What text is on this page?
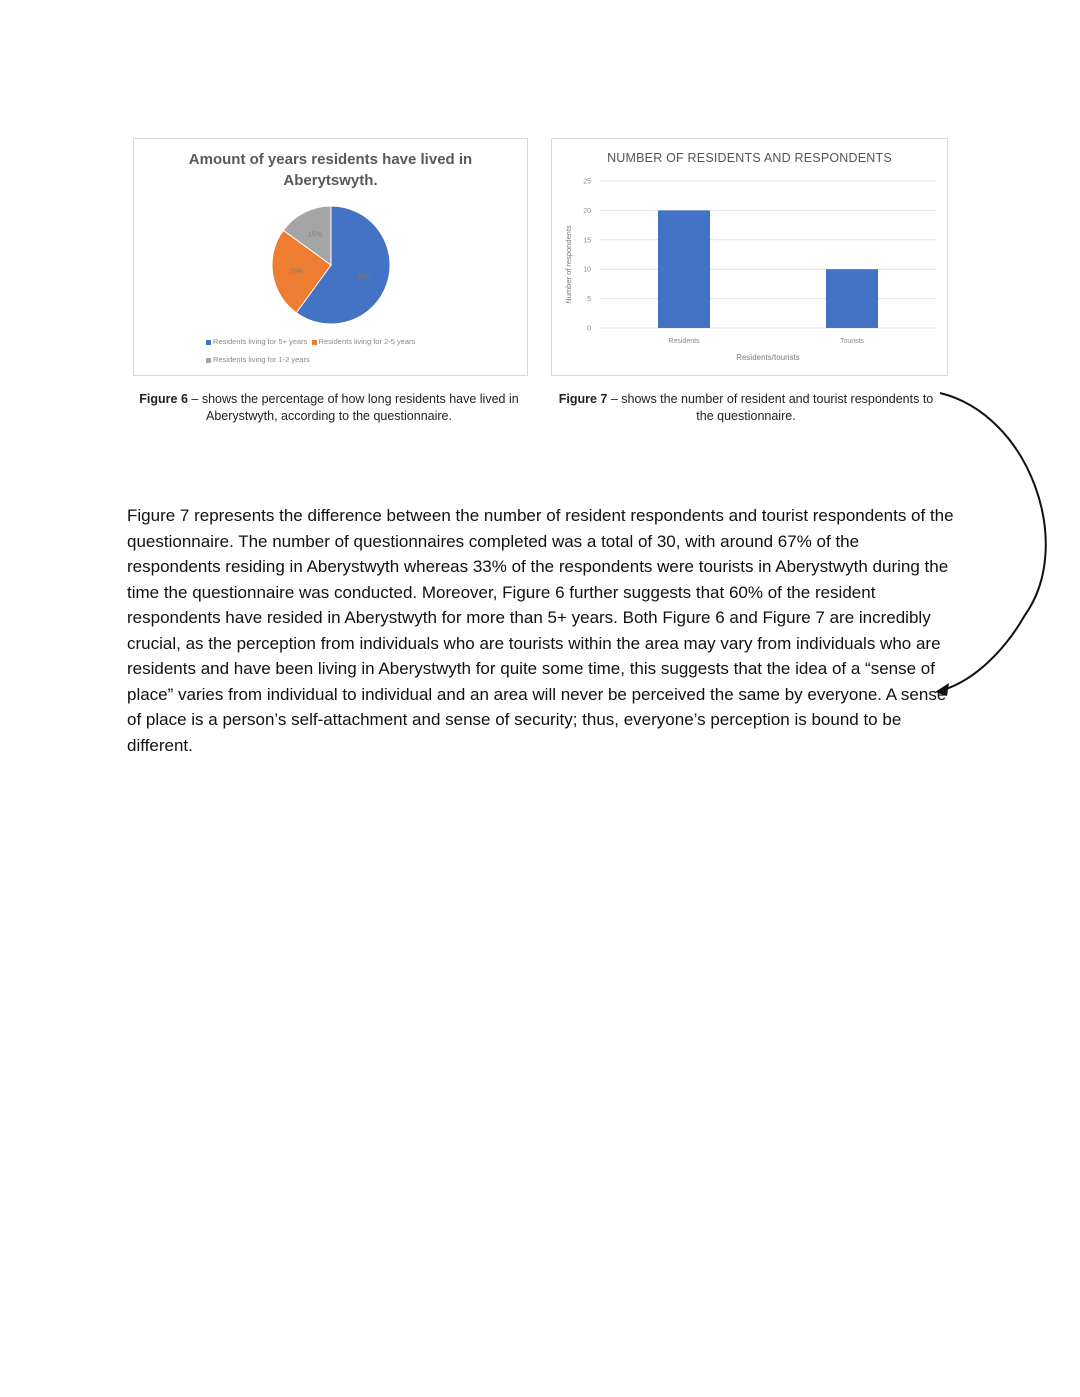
Amount of years residents have lived in Aberytswyth.

60%
25%
15%
Residents living for 5+ years Residents living for 2-5 years
Residents living for 1-2 years

NUMBER OF RESIDENTS AND RESPONDENTS

0
5
10
15
20
25
Residents	Tourists
Residents/tourists
Number of respondents
Figure 6 – shows the percentage of how long residents have lived in Aberystwyth, according to the questionnaire.
Figure 7 – shows the number of resident and tourist respondents to the questionnaire.

Figure 7 represents the difference between the number of resident respondents and tourist respondents of the questionnaire. The number of questionnaires completed was a total of 30, with around 67% of the respondents residing in Aberystwyth whereas 33% of the respondents were tourists in Aberystwyth during the time the questionnaire was conducted. Moreover, Figure 6 further suggests that 60% of the resident respondents have resided in Aberystwyth for more than 5+ years. Both Figure 6 and Figure 7 are incredibly crucial, as the perception from individuals who are tourists within the area may vary from individuals who are residents and have been living in Aberystwyth for quite some time, this suggests that the idea of a “sense of place” varies from individual to individual and an area will never be perceived the same by everyone. A sense of place is a person’s self-attachment and sense of security; thus, everyone’s perception is bound to be different.
